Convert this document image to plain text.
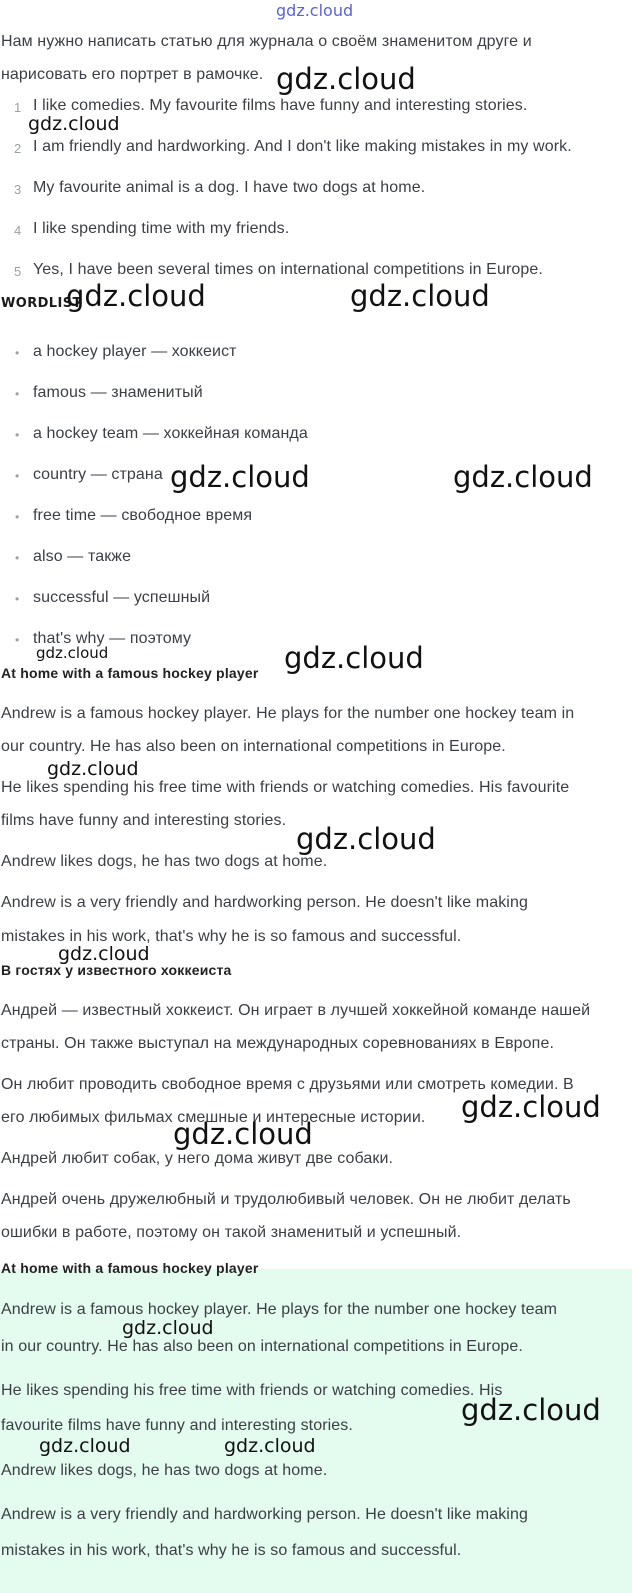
gdz.cloud
Нам нужно написать статью для журнала о своём знаменитом друге и
нарисовать его портрет в рамочке.
1 I like comedies. My favourite films have funny and interesting stories.
2 I am friendly and hardworking. And I don't like making mistakes in my work.
3 My favourite animal is a dog. I have two dogs at home.
4 I like spending time with my friends.
5 Yes, I have been several times on international competitions in Europe.
WORDLIST
• a hockey player — хоккеист
• famous — знаменитый
• a hockey team — хоккейная команда
• country — страна
• free time — свободное время
• also — также
• successful — успешный
• that's why — поэтому
At home with a famous hockey player
Andrew is a famous hockey player. He plays for the number one hockey team in
our country. He has also been on international competitions in Europe.
He likes spending his free time with friends or watching comedies. His favourite
films have funny and interesting stories.
Andrew likes dogs, he has two dogs at home.
Andrew is a very friendly and hardworking person. He doesn't like making
mistakes in his work, that's why he is so famous and successful.
В гостях у известного хоккеиста
Андрей — известный хоккеист. Он играет в лучшей хоккейной команде нашей
страны. Он также выступал на международных соревнованиях в Европе.
Он любит проводить свободное время с друзьями или смотреть комедии. В
его любимых фильмах смешные и интересные истории.
Андрей любит собак, у него дома живут две собаки.
Андрей очень дружелюбный и трудолюбивый человек. Он не любит делать
ошибки в работе, поэтому он такой знаменитый и успешный.
At home with a famous hockey player
Andrew is a famous hockey player. He plays for the number one hockey team
in our country. He has also been on international competitions in Europe.
He likes spending his free time with friends or watching comedies. His
favourite films have funny and interesting stories.
Andrew likes dogs, he has two dogs at home.
Andrew is a very friendly and hardworking person. He doesn't like making
mistakes in his work, that's why he is so famous and successful.
gdz.cloud
gdz.cloud
gdz.cloud	gdz.cloud
gdz.cloud	gdz.cloud
gdz.cloud	gdz.cloud
gdz.cloud
gdz.cloud
gdz.cloud
gdz.cloud
gdz.cloud
gdz.cloud
gdz.cloud
gdz.cloud	gdz.cloud
